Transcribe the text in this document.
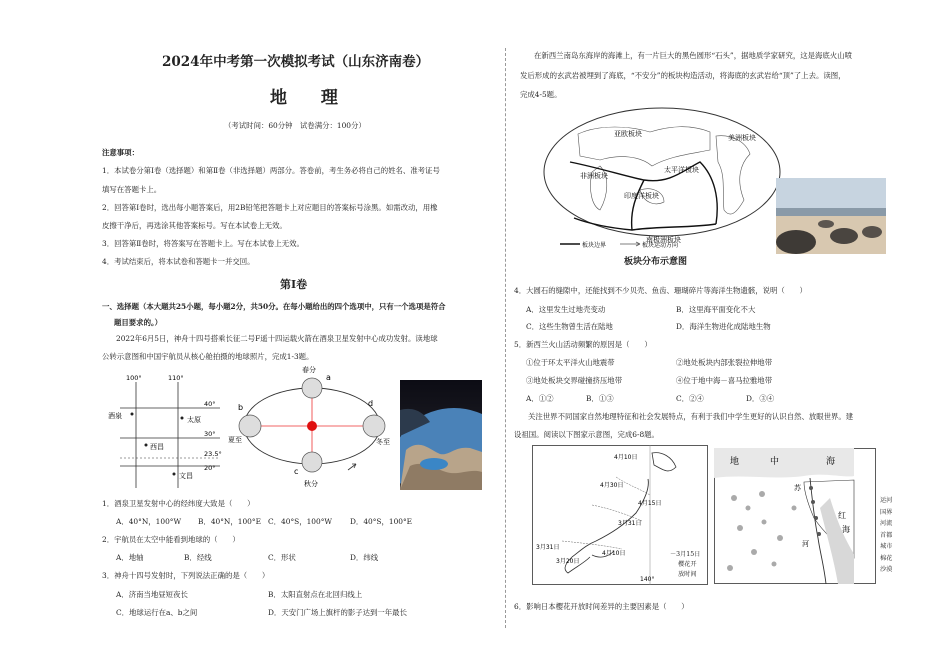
2024年中考第一次模拟考试（山东济南卷）
地 理
（考试时间：60分钟　试卷满分：100分）
注意事项：
1．本试卷分第Ⅰ卷（选择题）和第Ⅱ卷（非选择题）两部分。答卷前，考生务必将自己的姓名、准考证号
填写在答题卡上。
2．回答第Ⅰ卷时，选出每小题答案后，用2B铅笔把答题卡上对应题目的答案标号涂黑。如需改动，用橡
皮擦干净后，再选涂其他答案标号。写在本试卷上无效。
3．回答第Ⅱ卷时，将答案写在答题卡上。写在本试卷上无效。
4．考试结束后，将本试卷和答题卡一并交回。
第Ⅰ卷
一、选择题（本大题共25小题，每小题2分，共50分。在每小题给出的四个选项中，只有一个选项是符合
题目要求的。）
2022年6月5日，神舟十四号搭乘长征二号F遥十四运载火箭在酒泉卫星发射中心成功发射。读地球
公转示意图和中国宇航员从核心舱拍摄的地球照片，完成1-3题。
100°	110°
40°
30°
23.5°
20°
酒泉	太原
西昌
文昌
春分
夏至
秋分
冬至
a
b
c
d
1．酒泉卫星发射中心的经纬度大致是（　　）
A．40°N，100°W B．40°N，100°E C．40°S，100°W D．40°S，100°E
2．宇航员在太空中能看到地球的（　　）
A．地轴	B．经线	C．形状	D．纬线
3．神舟十四号发射时，下列说法正确的是（　　）
A．济南当地昼短夜长	B．太阳直射点在北回归线上
C．地球运行在a、b之间	D．天安门广场上旗杆的影子达到一年最长
在新西兰南岛东海岸的海滩上，有一片巨大的黑色圆形“石头”，据地质学家研究，这是海底火山喷
发后形成的玄武岩被埋到了海底，“不安分”的板块构造活动，将海底的玄武岩给“顶”了上去。读图，
完成4-5题。
亚欧板块
非洲板块
印度洋板块
太平洋板块
美洲板块
南极洲板块
板块边界	板块运动方向
板块分布示意图
4．大圆石的缝隙中，还能找到不少贝壳、鱼齿、珊瑚碎片等海洋生物遗骸，说明（　　）
A．这里发生过地壳变动	B．这里海平面变化不大
C．这些生物曾生活在陆地	D．海洋生物进化成陆地生物
5．新西兰火山活动频繁的原因是（　　）
①位于环太平洋火山地震带	②地处板块内部张裂拉伸地带
③地处板块交界碰撞挤压地带	④位于地中海－喜马拉雅地带
A．①②	B．①③	C．②④	D．③④
关注世界不同国家自然地理特征和社会发展特点，有利于我们中学生更好的认识自然、放眼世界。建
设祖国。阅读以下图家示意图，完成6-8题。
4月10日
4月30日
4月15日
3月31日
3月31日
3月20日
4月10日
140°
－3月15日
樱花开
放时间
地	中	海
苏
红
海
河
运河
国界
河流
首都
城市
棉花
沙漠
6．影响日本樱花开放时间差异的主要因素是（　　）
